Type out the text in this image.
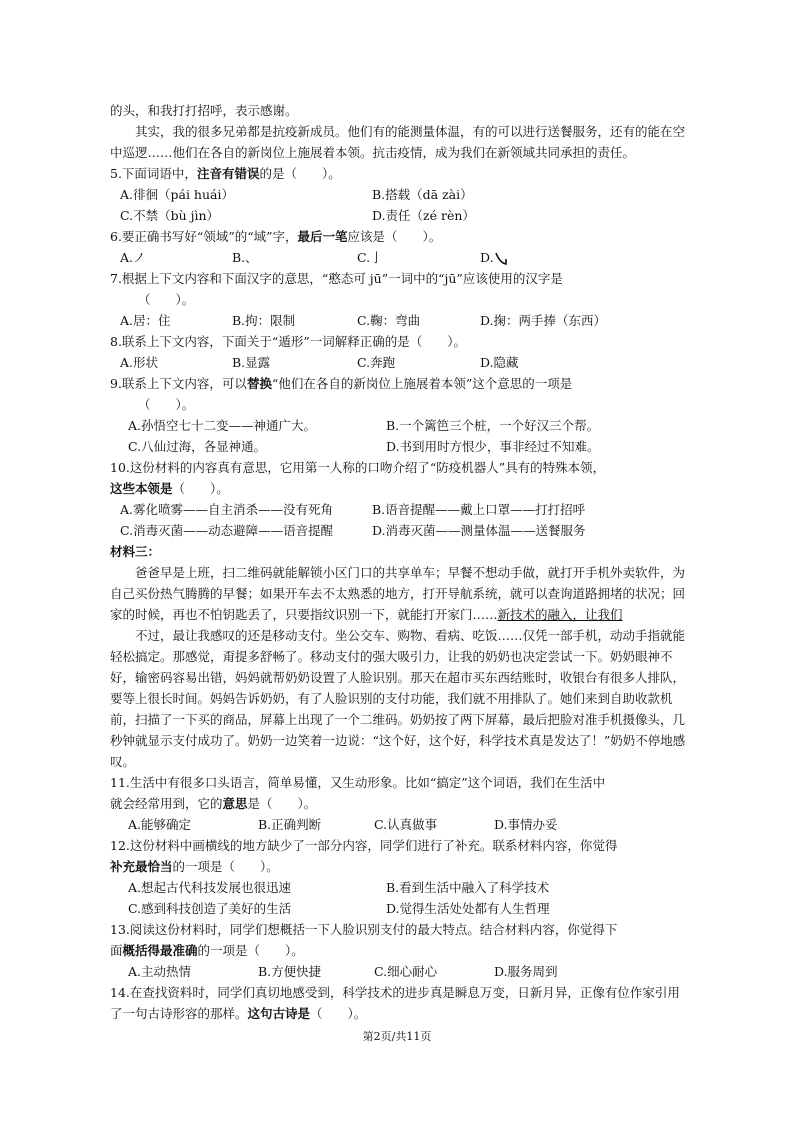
的头，和我打打招呼，表示感谢。

其实，我的很多兄弟都是抗疫新成员。他们有的能测量体温，有的可以进行送餐服务，还有的能在空中巡逻……他们在各自的新岗位上施展着本领。抗击疫情，成为我们在新领域共同承担的责任。

5.下面词语中，注音有错误的是（　　）。

A.徘徊（pái huái）	B.搭载（dā zài）
C.不禁（bù jìn）	D.责任（zé rèn）

6.要正确书写好“领域”的“域”字，最后一笔应该是（　　）。

A.ノ	B.、	C.亅	D.

7.根据上下文内容和下面汉字的意思，“憨态可 jū”一词中的“jū”应该使用的汉字是

（　　）。

A.居：住	B.拘：限制	C.鞠：弯曲	D.掬：两手捧（东西）

8.联系上下文内容，下面关于“遁形”一词解释正确的是（　　）。

A.形状	B.显露	C.奔跑	D.隐藏

9.联系上下文内容，可以替换“他们在各自的新岗位上施展着本领”这个意思的一项是

（　　）。

A.孙悟空七十二变——神通广大。	B.一个篱笆三个桩，一个好汉三个帮。
C.八仙过海，各显神通。	D.书到用时方恨少，事非经过不知难。

10.这份材料的内容真有意思，它用第一人称的口吻介绍了“防疫机器人”具有的特殊本领，

这些本领是（　　）。

A.雾化喷雾——自主消杀——没有死角	B.语音提醒——戴上口罩——打打招呼
C.消毒灭菌——动态避障——语音提醒	D.消毒灭菌——测量体温——送餐服务

材料三：

爸爸早是上班，扫二维码就能解锁小区门口的共享单车；早餐不想动手做，就打开手机外卖软件，为自己买份热气腾腾的早餐；如果开车去不太熟悉的地方，打开导航系统，就可以查询道路拥堵的状况；回家的时候，再也不怕钥匙丢了，只要指纹识别一下，就能打开家门……新技术的融入，让我们

不过，最让我感叹的还是移动支付。坐公交车、购物、看病、吃饭……仅凭一部手机，动动手指就能轻松搞定。那感觉，甭提多舒畅了。移动支付的强大吸引力，让我的奶奶也决定尝试一下。奶奶眼神不好，输密码容易出错，妈妈就帮奶奶设置了人脸识别。那天在超市买东西结账时，收银台有很多人排队，要等上很长时间。妈妈告诉奶奶，有了人脸识别的支付功能，我们就不用排队了。她们来到自助收款机前，扫描了一下买的商品，屏幕上出现了一个二维码。奶奶按了两下屏幕，最后把脸对准手机摄像头，几秒钟就显示支付成功了。奶奶一边笑着一边说：“这个好，这个好，科学技术真是发达了！”奶奶不停地感叹。

11.生活中有很多口头语言，简单易懂，又生动形象。比如“搞定”这个词语，我们在生活中

就会经常用到，它的意思是（　　）。

A.能够确定	B.正确判断	C.认真做事	D.事情办妥

12.这份材料中画横线的地方缺少了一部分内容，同学们进行了补充。联系材料内容，你觉得

补充最恰当的一项是（　　）。

A.想起古代科技发展也很迅速	B.看到生活中融入了科学技术
C.感到科技创造了美好的生活	D.觉得生活处处都有人生哲理

13.阅读这份材料时，同学们想概括一下人脸识别支付的最大特点。结合材料内容，你觉得下

面概括得最准确的一项是（　　）。

A.主动热情	B.方便快捷	C.细心耐心	D.服务周到

14.在查找资料时，同学们真切地感受到，科学技术的进步真是瞬息万变，日新月异，正像有位作家引用了一句古诗形容的那样。这句古诗是（　　）。

第2页/共11页
